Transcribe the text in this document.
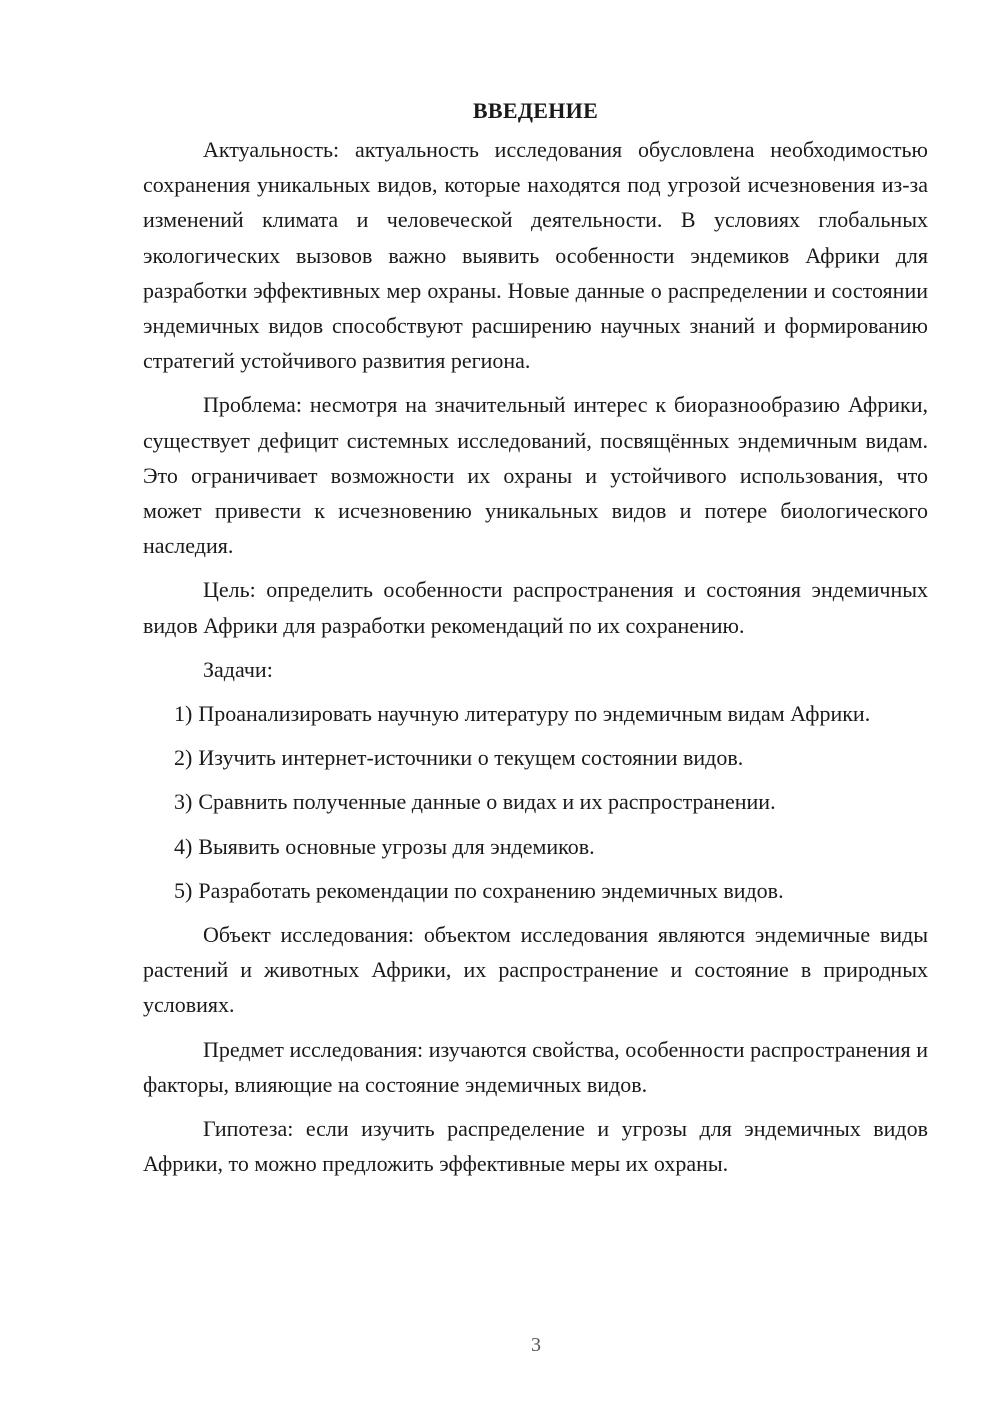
ВВЕДЕНИЕ

Актуальность: актуальность исследования обусловлена необходимостью сохранения уникальных видов, которые находятся под угрозой исчезновения из-за изменений климата и человеческой деятельности. В условиях глобальных экологических вызовов важно выявить особенности эндемиков Африки для разработки эффективных мер охраны. Новые данные о распределении и состоянии эндемичных видов способствуют расширению научных знаний и формированию стратегий устойчивого развития региона.

Проблема: несмотря на значительный интерес к биоразнообразию Африки, существует дефицит системных исследований, посвящённых эндемичным видам. Это ограничивает возможности их охраны и устойчивого использования, что может привести к исчезновению уникальных видов и потере биологического наследия.

Цель: определить особенности распространения и состояния эндемичных видов Африки для разработки рекомендаций по их сохранению.

Задачи:

1) Проанализировать научную литературу по эндемичным видам Африки.

2) Изучить интернет-источники о текущем состоянии видов.

3) Сравнить полученные данные о видах и их распространении.

4) Выявить основные угрозы для эндемиков.

5) Разработать рекомендации по сохранению эндемичных видов.

Объект исследования: объектом исследования являются эндемичные виды растений и животных Африки, их распространение и состояние в природных условиях.

Предмет исследования: изучаются свойства, особенности распространения и факторы, влияющие на состояние эндемичных видов.

Гипотеза: если изучить распределение и угрозы для эндемичных видов Африки, то можно предложить эффективные меры их охраны.

3
